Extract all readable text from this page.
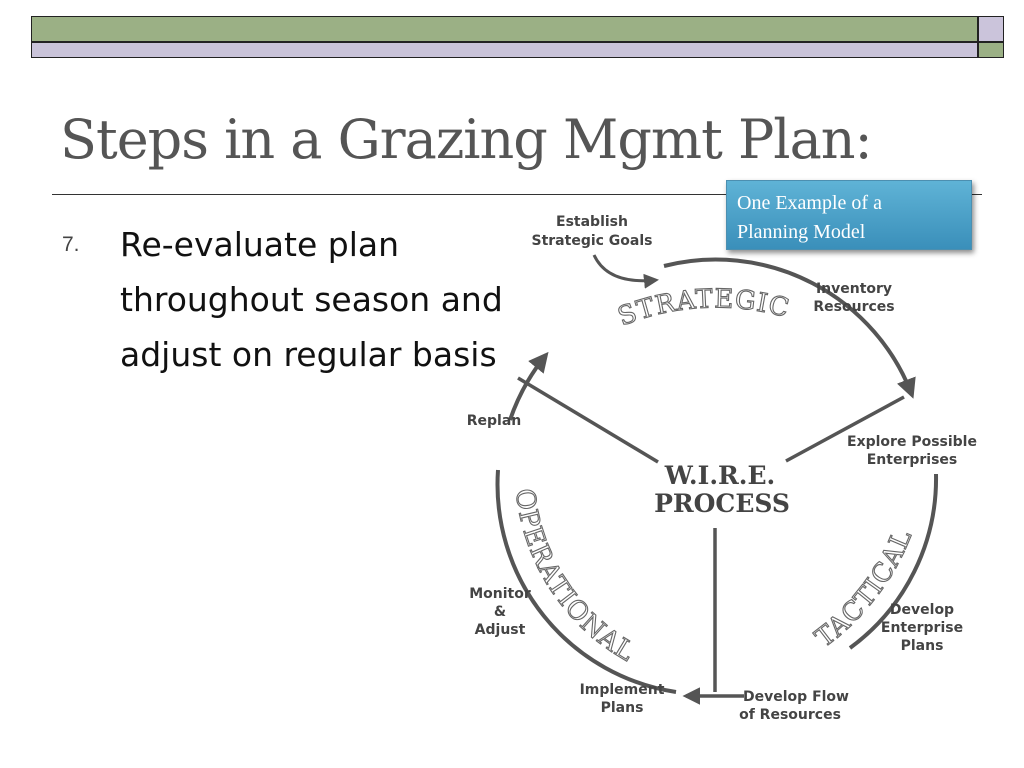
Steps in a Grazing Mgmt Plan:
7. Re-evaluate plan throughout season and adjust on regular basis
W.I.R.E.
PROCESS
STRATEGIC
TACTICAL
OPERATIONAL
Establish
Strategic Goals
Inventory
Resources
Explore Possible
Enterprises
Develop
Enterprise
Plans
Develop Flow
of Resources
Implement
Plans
Monitor
&
Adjust
Replan
One Example of a
Planning Model
